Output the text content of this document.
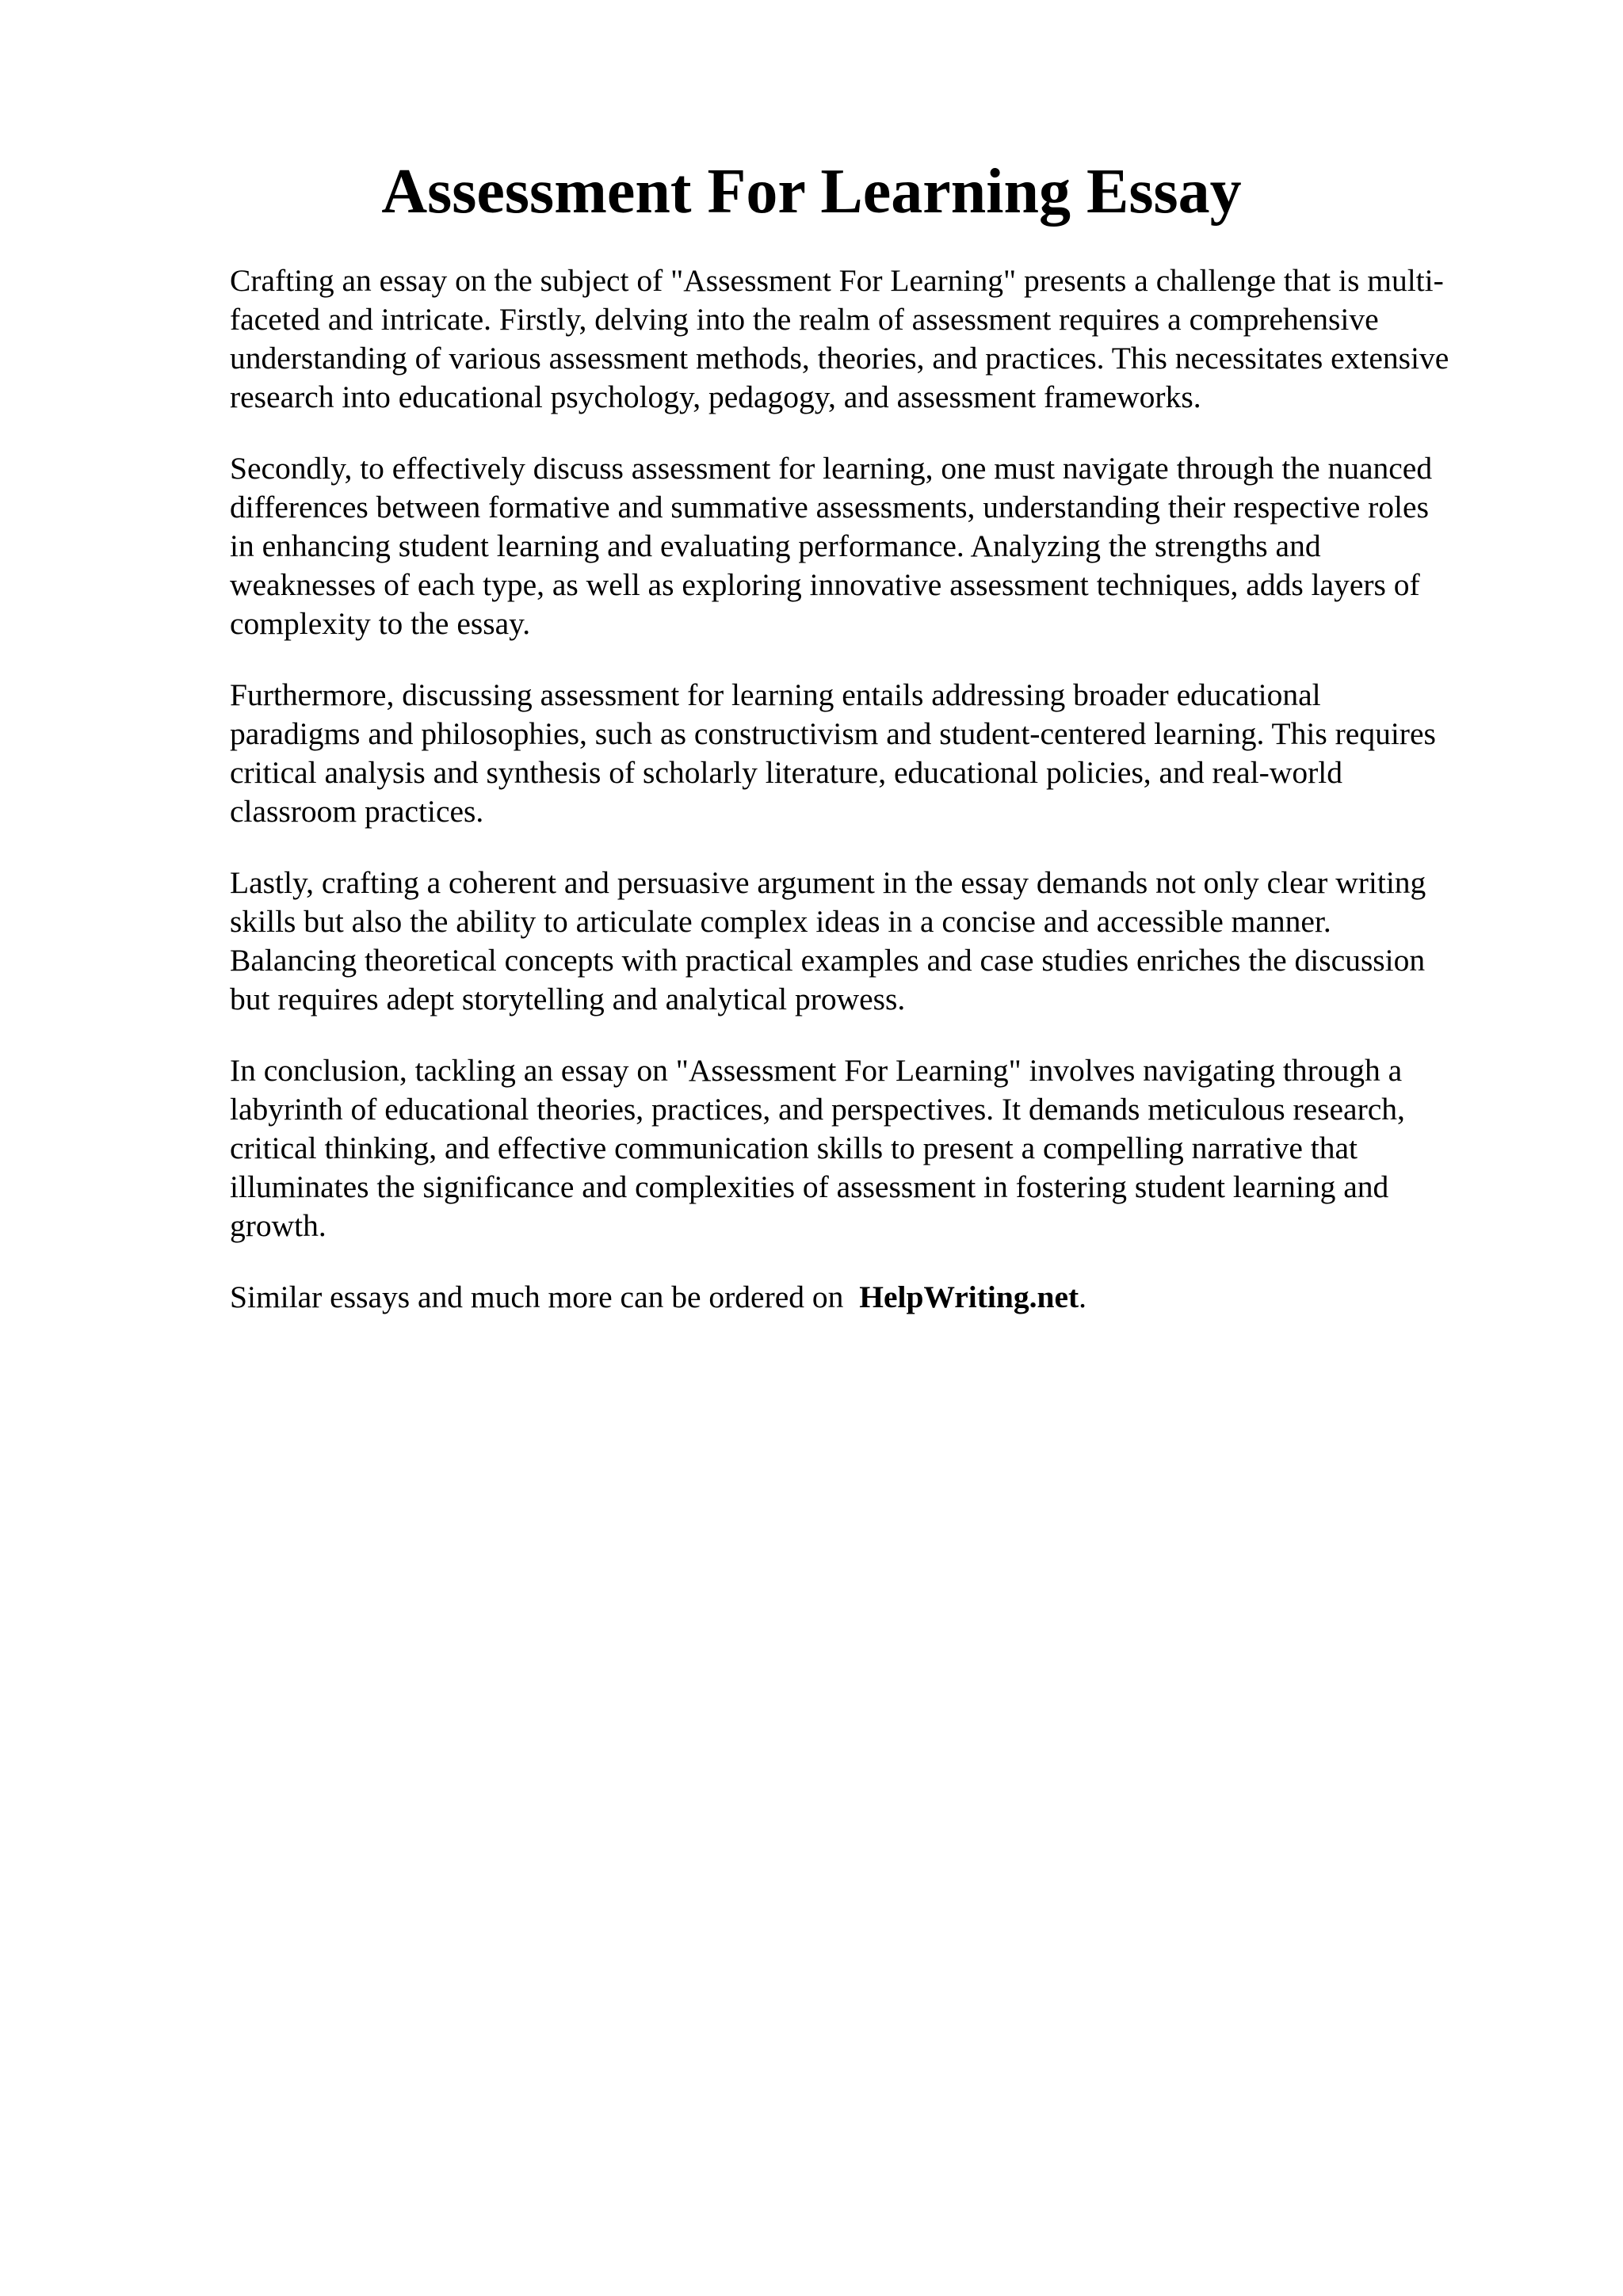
Assessment For Learning Essay

Crafting an essay on the subject of "Assessment For Learning" presents a challenge that is multi-
faceted and intricate. Firstly, delving into the realm of assessment requires a comprehensive
understanding of various assessment methods, theories, and practices. This necessitates extensive
research into educational psychology, pedagogy, and assessment frameworks.

Secondly, to effectively discuss assessment for learning, one must navigate through the nuanced
differences between formative and summative assessments, understanding their respective roles
in enhancing student learning and evaluating performance. Analyzing the strengths and
weaknesses of each type, as well as exploring innovative assessment techniques, adds layers of
complexity to the essay.

Furthermore, discussing assessment for learning entails addressing broader educational
paradigms and philosophies, such as constructivism and student-centered learning. This requires
critical analysis and synthesis of scholarly literature, educational policies, and real-world
classroom practices.

Lastly, crafting a coherent and persuasive argument in the essay demands not only clear writing
skills but also the ability to articulate complex ideas in a concise and accessible manner.
Balancing theoretical concepts with practical examples and case studies enriches the discussion
but requires adept storytelling and analytical prowess.

In conclusion, tackling an essay on "Assessment For Learning" involves navigating through a
labyrinth of educational theories, practices, and perspectives. It demands meticulous research,
critical thinking, and effective communication skills to present a compelling narrative that
illuminates the significance and complexities of assessment in fostering student learning and
growth.

Similar essays and much more can be ordered on HelpWriting.net.
